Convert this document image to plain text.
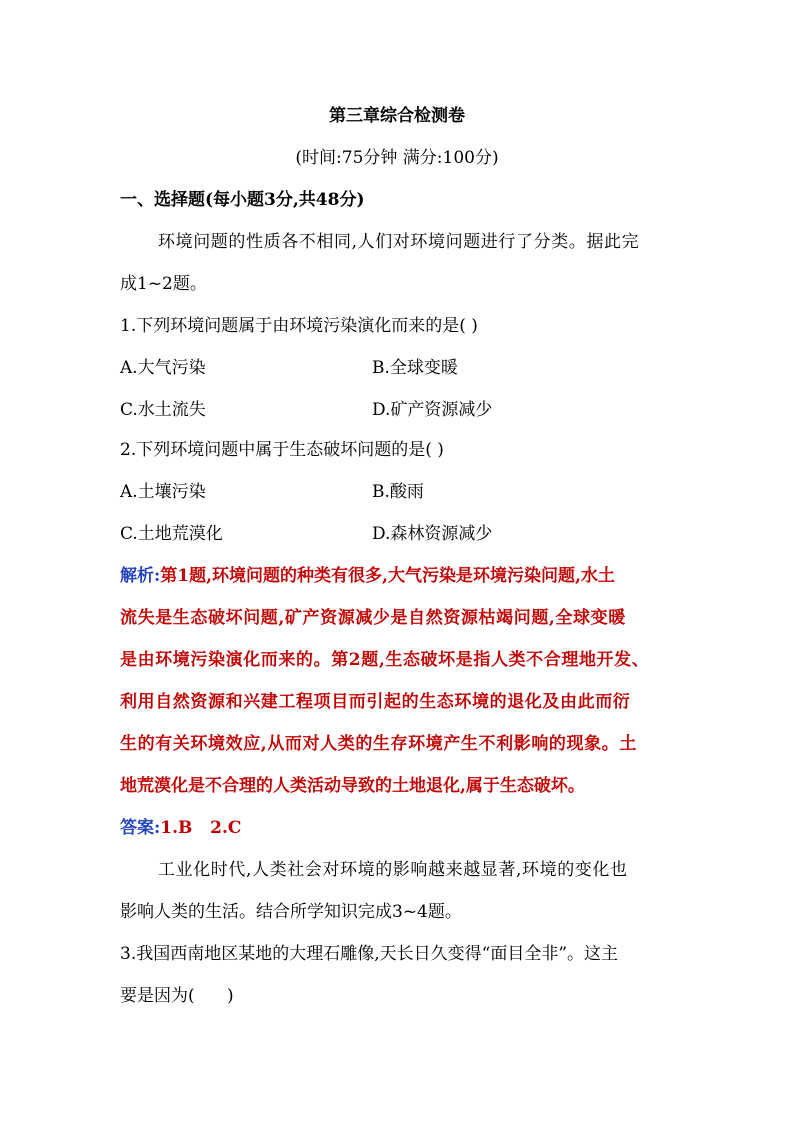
第三章综合检测卷
(时间:75分钟 满分:100分)
一、选择题(每小题3分,共48分)
环境问题的性质各不相同,人们对环境问题进行了分类。据此完
成1~2题。
1.下列环境问题属于由环境污染演化而来的是( )
A.大气污染	B.全球变暖
C.水土流失	D.矿产资源减少
2.下列环境问题中属于生态破坏问题的是( )
A.土壤污染	B.酸雨
C.土地荒漠化	D.森林资源减少
解析:第1题,环境问题的种类有很多,大气污染是环境污染问题,水土
流失是生态破坏问题,矿产资源减少是自然资源枯竭问题,全球变暖
是由环境污染演化而来的。第2题,生态破坏是指人类不合理地开发、
利用自然资源和兴建工程项目而引起的生态环境的退化及由此而衍
生的有关环境效应,从而对人类的生存环境产生不利影响的现象。土
地荒漠化是不合理的人类活动导致的土地退化,属于生态破坏。
答案:1.B   2.C
工业化时代,人类社会对环境的影响越来越显著,环境的变化也
影响人类的生活。结合所学知识完成3~4题。
3.我国西南地区某地的大理石雕像,天长日久变得“面目全非”。这主
要是因为(      )
